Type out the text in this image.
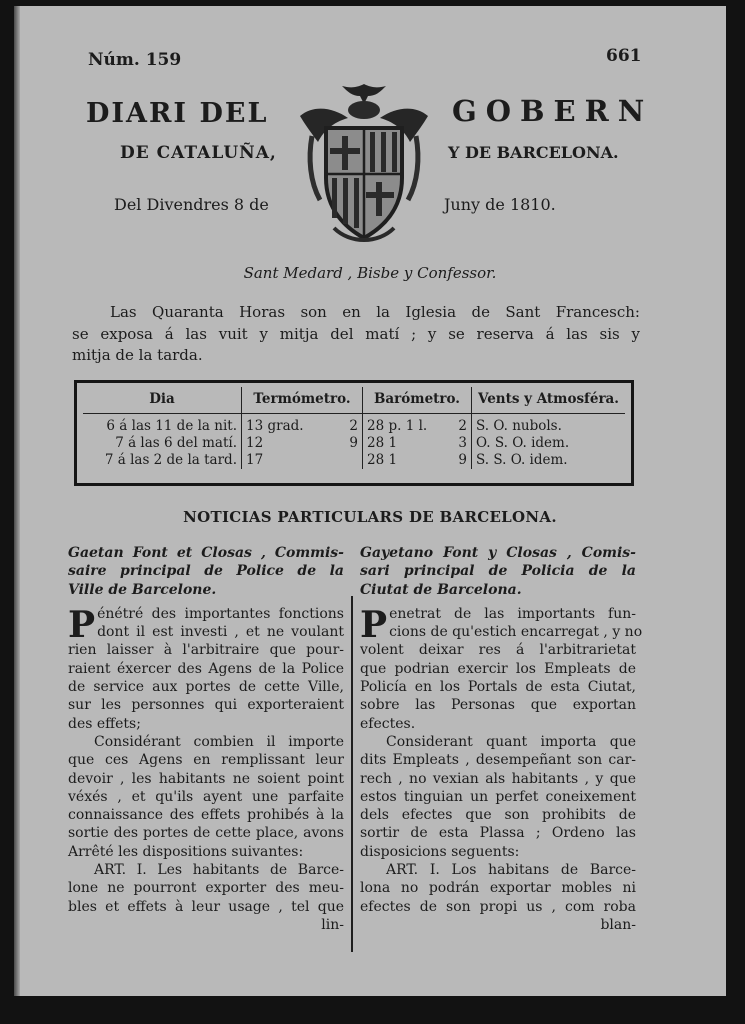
Núm. 159	661
DIARI DEL	GOBERN
DE CATALUÑA,	Y DE BARCELONA.
Del Divendres 8 de	Juny de 1810.
Sant Medard , Bisbe y Confessor.
Las Quaranta Horas son en la Iglesia de Sant Francesch:
se exposa á las vuit y mitja del matí ; y se reserva á las sis y
mitja de la tarda.
Dia	Termómetro.	Barómetro.	Vents y Atmosféra.
6 á las 11 de la nit.	13 grad. 2	28 p. 1 l. 2	S. O. nubols.
7 á las 6 del matí.	12 9	28 1 3	O. S. O. idem.
7 á las 2 de la tard.	17	28 1 9	S. S. O. idem.
NOTICIAS PARTICULARS DE BARCELONA.
Gaetan Font et Closas , Commis-
saire principal de Police de la
Ville de Barcelone.
P énétré des importantes fonctions
dont il est investi , et ne voulant
rien laisser à l'arbitraire que pour-
raient éxercer des Agens de la Police
de service aux portes de cette Ville,
sur les personnes qui exporteraient
des effets;
Considérant combien il importe
que ces Agens en remplissant leur
devoir , les habitants ne soient point
véxés , et qu'ils ayent une parfaite
connaissance des effets prohibés à la
sortie des portes de cette place, avons
Arrêté les dispositions suivantes:
ART. I. Les habitants de Barce-
lone ne pourront exporter des meu-
bles et effets à leur usage , tel que
lin-
Gayetano Font y Closas , Comis-
sari principal de Policia de la
Ciutat de Barcelona.
P enetrat de las importants fun-
cions de qu'estich encarregat , y no
volent deixar res á l'arbitrarietat
que podrian exercir los Empleats de
Policía en los Portals de esta Ciutat,
sobre las Personas que exportan
efectes.
Considerant quant importa que
dits Empleats , desempeñant son car-
rech , no vexian als habitants , y que
estos tinguian un perfet coneixement
dels efectes que son prohibits de
sortir de esta Plassa ; Ordeno las
disposicions seguents:
ART. I. Los habitans de Barce-
lona no podrán exportar mobles ni
efectes de son propi us , com roba
blan-
